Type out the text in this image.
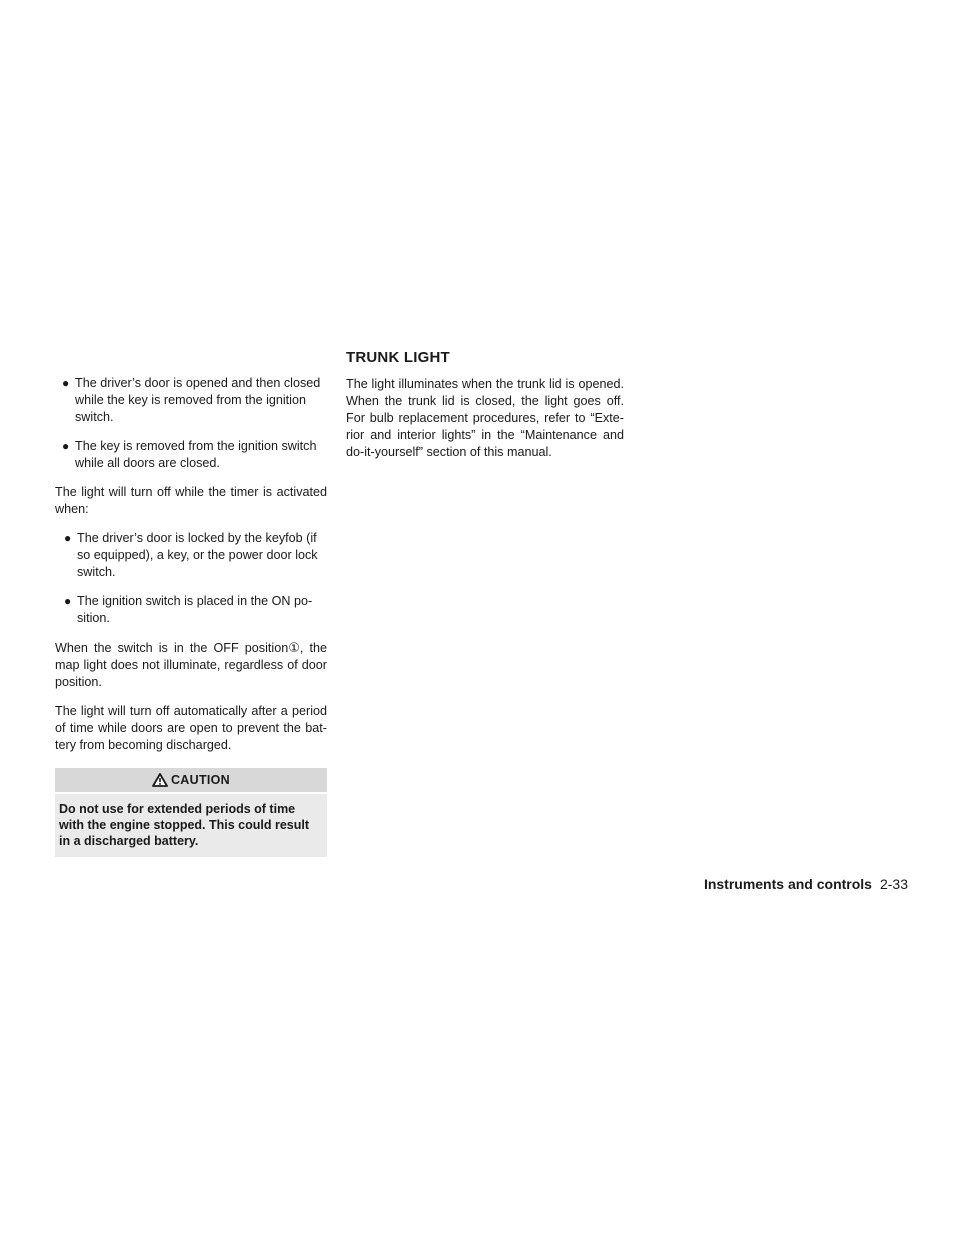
● The driver’s door is opened and then closed while the key is removed from the ignition switch.
● The key is removed from the ignition switch while all doors are closed.

The light will turn off while the timer is activated when:

● The driver’s door is locked by the keyfob (if so equipped), a key, or the power door lock switch.
● The ignition switch is placed in the ON po-sition.

When the switch is in the OFF position①, the map light does not illuminate, regardless of door position.

The light will turn off automatically after a period of time while doors are open to prevent the bat-tery from becoming discharged.

CAUTION
Do not use for extended periods of time with the engine stopped. This could result in a discharged battery.
TRUNK LIGHT

The light illuminates when the trunk lid is opened. When the trunk lid is closed, the light goes off. For bulb replacement procedures, refer to “Exte-rior and interior lights” in the “Maintenance and do-it-yourself” section of this manual.

Instruments and controls 2-33
